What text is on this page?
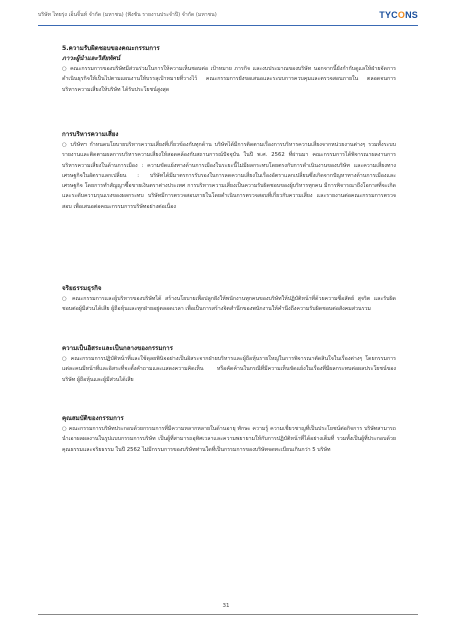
บริษัท ไทยรุ่ง เอ็นจิ้นท์ จำกัด (มหาชน) (ฟังชัน รายงานประจำปี) จำกัด (มหาชน)	TYCONS
5.ความรับผิดชอบของคณะกรรมการ
ภาวะผู้นำและวิสัยทัศน์
○ คณะกรรมการของบริษัทมีส่วนร่วมในการให้ความเห็นชอบต่อ เป้าหมาย ภารกิจ และงบประมาณของบริษัท นอกจากนี้ยังกำกับดูแลให้ฝ่ายจัดการ ดำเนินธุรกิจให้เป็นไปตามแผนงานให้บรรลุเป้าหมายที่วางไว้ คณะกรรมการยังขอเสนอและระบบการควบคุมและตรวจสอบภายใน ตลอดจนการบริหารความเสี่ยงให้บริษัท ได้รับประโยชน์สูงสุด
การบริหารความเสี่ยง
○ บริษัทฯ กำหนดนโยบายบริหารความเสี่ยงที่เกี่ยวข้องกับทุกด้าน บริษัทได้มีการติดตามเรื่องการบริหารความเสี่ยงจากหน่วยงานต่างๆ รวมทั้งระบบรายงานและติดตามผลการบริหารความเสี่ยงให้สอดคล้องกับสถานการณ์ปัจจุบัน ในปี พ.ศ. 2562 ที่ผ่านมา คณะกรรมการได้พิจารณาผลงานการบริหารความเสี่ยงในด้านการเมือง : ความขัดแย้งทางด้านการเมืองในระยะนี้ไม่มีผลกระทบโดยตรงกับการดำเนินงานของบริษัท และความเสี่ยงทางเศรษฐกิจในอัตราแลกเปลี่ยน : บริษัทได้มีมาตรการรับรองในการลดความเสี่ยงในเรื่องอัตราแลกเปลี่ยนซึ่งเกิดจากปัญหาทางด้านการเมืองและเศรษฐกิจ โดยการทำสัญญาซื้อขายเงินตราต่างประเทศ การบริหารความเสี่ยงเป็นความรับผิดชอบของผู้บริหารทุกคน มีการพิจารณาถึงโอกาสที่จะเกิดและระดับความรุนแรงของผลกระทบ บริษัทมีการตรวจสอบภายในโดยดำเนินการตรวจสอบที่เกี่ยวกับความเสี่ยง และรายงานต่อคณะกรรมการตรวจสอบ เพื่อเสนอต่อคณะกรรมการบริษัทอย่างต่อเนื่อง
จริยธรรมธุรกิจ
○ คณะกรรมการและผู้บริหารของบริษัทได้ สร้างนโยบายเพื่อปลูกฝังให้พนักงานทุกคนของบริษัทให้ปฏิบัติหน้าที่ด้วยความซื่อสัตย์ สุจริต และรับผิดชอบต่อผู้มีส่วนได้เสีย ผู้ถือหุ้นและทุกฝ่ายอยู่ตลอดเวลา เพื่อเป็นการสร้างจิตสำนึกของพนักงานให้คำนึงถึงความรับผิดชอบต่อสังคมส่วนรวม
ความเป็นอิสระและเป็นกลางของกรรมการ
○ คณะกรรมการปฏิบัติหน้าที่และใช้ดุลยพินิจอย่างเป็นอิสระจากฝ่ายบริหารและผู้ถือหุ้นรายใหญ่ในการพิจารณาตัดสินใจในเรื่องต่างๆ โดยกรรมการแต่ละคนมีหน้าที่และอิสระที่จะตั้งคำถามและแสดงความคิดเห็น หรือคัดค้านในกรณีที่มีความเห็นขัดแย้งในเรื่องที่มีผลกระทบต่อผลประโยชน์ของบริษัท ผู้ถือหุ้นและผู้มีส่วนได้เสีย
คุณสมบัติของกรรมการ
○ คณะกรรมการบริษัทประกอบด้วยกรรมการที่มีความหลากหลายในด้านอายุ ทักษะ ความรู้ ความเชี่ยวชาญที่เป็นประโยชน์ต่อกิจการ บริษัทสามารถนำเอาผลผลงานในรูปแบบกรรมการบริษัท เป็นผู้ที่สามารถอุทิศเวลาและความพยายามให้กับการปฏิบัติหน้าที่ได้อย่างเต็มที่ รวมทั้งเป็นผู้ที่ประกอบด้วยคุณธรรมและจริยธรรม ในปี 2562 ไม่มีกรรมการของบริษัทท่านใดที่เป็นกรรมการของบริษัทจดทะเบียนเกินกว่า 5 บริษัท
31
